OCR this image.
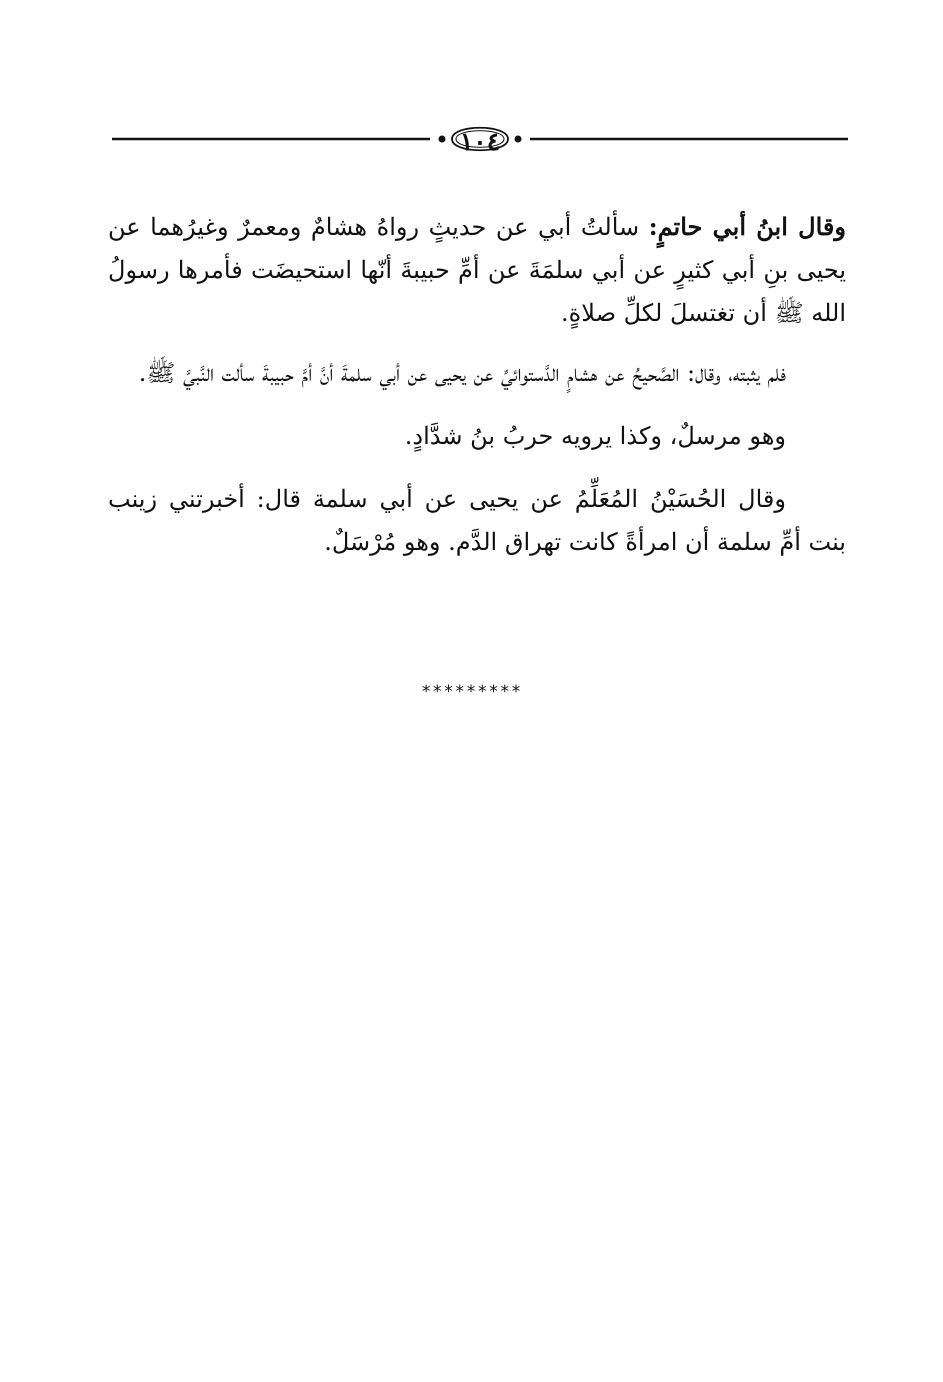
١٠٤

وقال ابنُ أبي حاتمٍ: سألتُ أبي عن حديثٍ رواهُ هشامٌ ومعمرٌ وغيرُهما عن يحيى بنِ أبي كثيرٍ عن أبي سلمَةَ عن أمِّ حبيبةَ أنّها استحيضَت فأمرها رسولُ الله ﷺ أن تغتسلَ لكلِّ صلاةٍ.

فلم يثبته، وقال: الصَّحيحُ عن هشامٍ الدَّستوائيِّ عن يحيى عن أبي سلمةَ أنَّ أمَّ حبيبةَ سألت النَّبيَّ ﷺ.

وهو مرسلٌ، وكذا يرويه حربُ بنُ شدَّادٍ.

وقال الحُسَيْنُ المُعَلِّمُ عن يحيى عن أبي سلمة قال: أخبرتني زينب بنت أمِّ سلمة أن امرأةً كانت تهراق الدَّم. وهو مُرْسَلٌ.

*********
